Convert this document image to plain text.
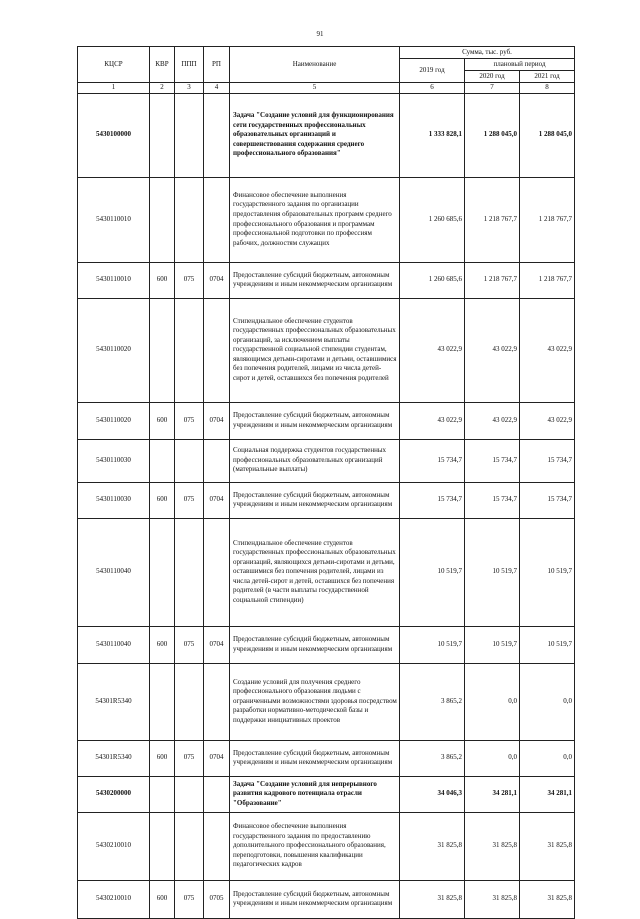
91
КЦСР	КВР	ППП	РП	Наименование	Сумма, тыс. руб.		
					2019 год	плановый период	
						2020 год	2021 год
1	2	3	4	5	6	7	8
5430100000				Задача "Создание условий для функционирования сети государственных профессиональных образовательных организаций и совершенствования содержания среднего профессионального образования"	1 333 828,1	1 288 045,0	1 288 045,0
5430110010				Финансовое обеспечение выполнения государственного задания по организации предоставления образовательных программ среднего профессионального образования и программам профессиональной подготовки по профессиям рабочих, должностям служащих	1 260 685,6	1 218 767,7	1 218 767,7
5430110010	600	075	0704	Предоставление субсидий бюджетным, автономным учреждениям и иным некоммерческим организациям	1 260 685,6	1 218 767,7	1 218 767,7
5430110020				Стипендиальное обеспечение студентов государственных профессиональных образовательных организаций, за исключением выплаты государственной социальной стипендии студентам, являющимся детьми-сиротами и детьми, оставшимися без попечения родителей, лицами из числа детей-сирот и детей, оставшихся без попечения родителей	43 022,9	43 022,9	43 022,9
5430110020	600	075	0704	Предоставление субсидий бюджетным, автономным учреждениям и иным некоммерческим организациям	43 022,9	43 022,9	43 022,9
5430110030				Социальная поддержка студентов государственных профессиональных образовательных организаций (материальные выплаты)	15 734,7	15 734,7	15 734,7
5430110030	600	075	0704	Предоставление субсидий бюджетным, автономным учреждениям и иным некоммерческим организациям	15 734,7	15 734,7	15 734,7
5430110040				Стипендиальное обеспечение студентов государственных профессиональных образовательных организаций, являющихся детьми-сиротами и детьми, оставшимися без попечения родителей, лицами из числа детей-сирот и детей, оставшихся без попечения родителей (в части выплаты государственной социальной стипендии)	10 519,7	10 519,7	10 519,7
5430110040	600	075	0704	Предоставление субсидий бюджетным, автономным учреждениям и иным некоммерческим организациям	10 519,7	10 519,7	10 519,7
54301R5340				Создание условий для получения среднего профессионального образования людьми с ограниченными возможностями здоровья посредством разработки нормативно-методической базы и поддержки инициативных проектов	3 865,2	0,0	0,0
54301R5340	600	075	0704	Предоставление субсидий бюджетным, автономным учреждениям и иным некоммерческим организациям	3 865,2	0,0	0,0
5430200000				Задача "Создание условий для непрерывного развития кадрового потенциала отрасли "Образование"	34 046,3	34 281,1	34 281,1
5430210010				Финансовое обеспечение выполнения государственного задания по предоставлению дополнительного профессионального образования, переподготовки, повышения квалификации педагогических кадров	31 825,8	31 825,8	31 825,8
5430210010	600	075	0705	Предоставление субсидий бюджетным, автономным учреждениям и иным некоммерческим организациям	31 825,8	31 825,8	31 825,8
